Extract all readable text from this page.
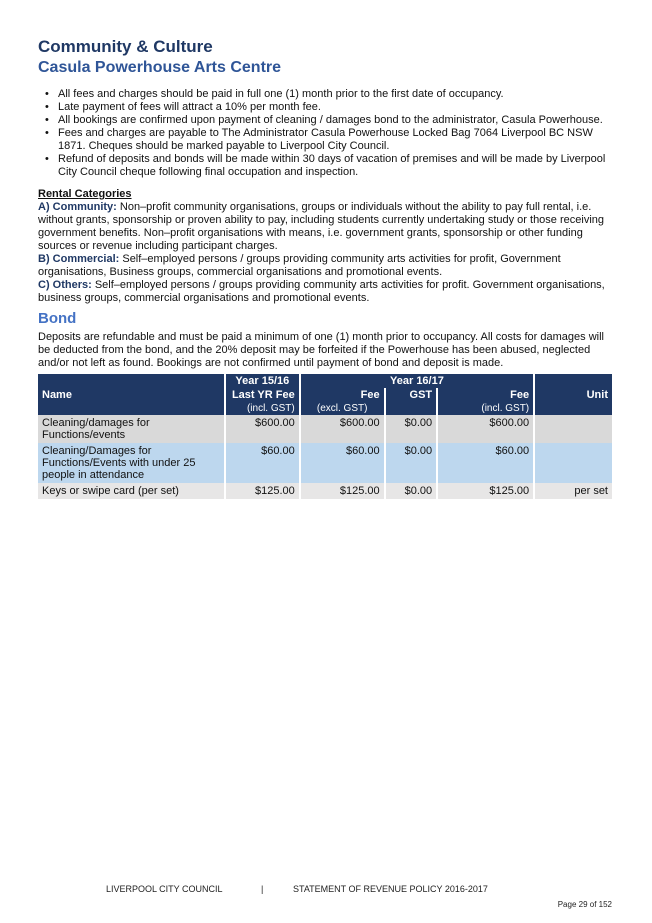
Community & Culture
Casula Powerhouse Arts Centre
• All fees and charges should be paid in full one (1) month prior to the first date of occupancy.
• Late payment of fees will attract a 10% per month fee.
• All bookings are confirmed upon payment of cleaning / damages bond to the administrator, Casula Powerhouse.
• Fees and charges are payable to The Administrator Casula Powerhouse Locked Bag 7064 Liverpool BC NSW 1871. Cheques should be marked payable to Liverpool City Council.
• Refund of deposits and bonds will be made within 30 days of vacation of premises and will be made by Liverpool City Council cheque following final occupation and inspection.
Rental Categories
A) Community: Non–profit community organisations, groups or individuals without the ability to pay full rental, i.e. without grants, sponsorship or proven ability to pay, including students currently undertaking study or those receiving government benefits. Non–profit organisations with means, i.e. government grants, sponsorship or other funding sources or revenue including participant charges.
B) Commercial: Self–employed persons / groups providing community arts activities for profit, Government organisations, Business groups, commercial organisations and promotional events.
C) Others: Self–employed persons / groups providing community arts activities for profit. Government organisations, business groups, commercial organisations and promotional events.
Bond
Deposits are refundable and must be paid a minimum of one (1) month prior to occupancy. All costs for damages will be deducted from the bond, and the 20% deposit may be forfeited if the Powerhouse has been abused, neglected and/or not left as found. Bookings are not confirmed until payment of bond and deposit is made.
Name	Year 15/16	Year 16/17			Unit
	Last YR Fee	Fee	GST	Fee	
	(incl. GST)	(excl. GST)		(incl. GST)	
Cleaning/damages for Functions/events	$600.00	$600.00	$0.00	$600.00	
Cleaning/Damages for Functions/Events with under 25 people in attendance	$60.00	$60.00	$0.00	$60.00	
Keys or swipe card (per set)	$125.00	$125.00	$0.00	$125.00	per set
LIVERPOOL CITY COUNCIL	|	STATEMENT OF REVENUE POLICY 2016-2017
Page 29 of 152
